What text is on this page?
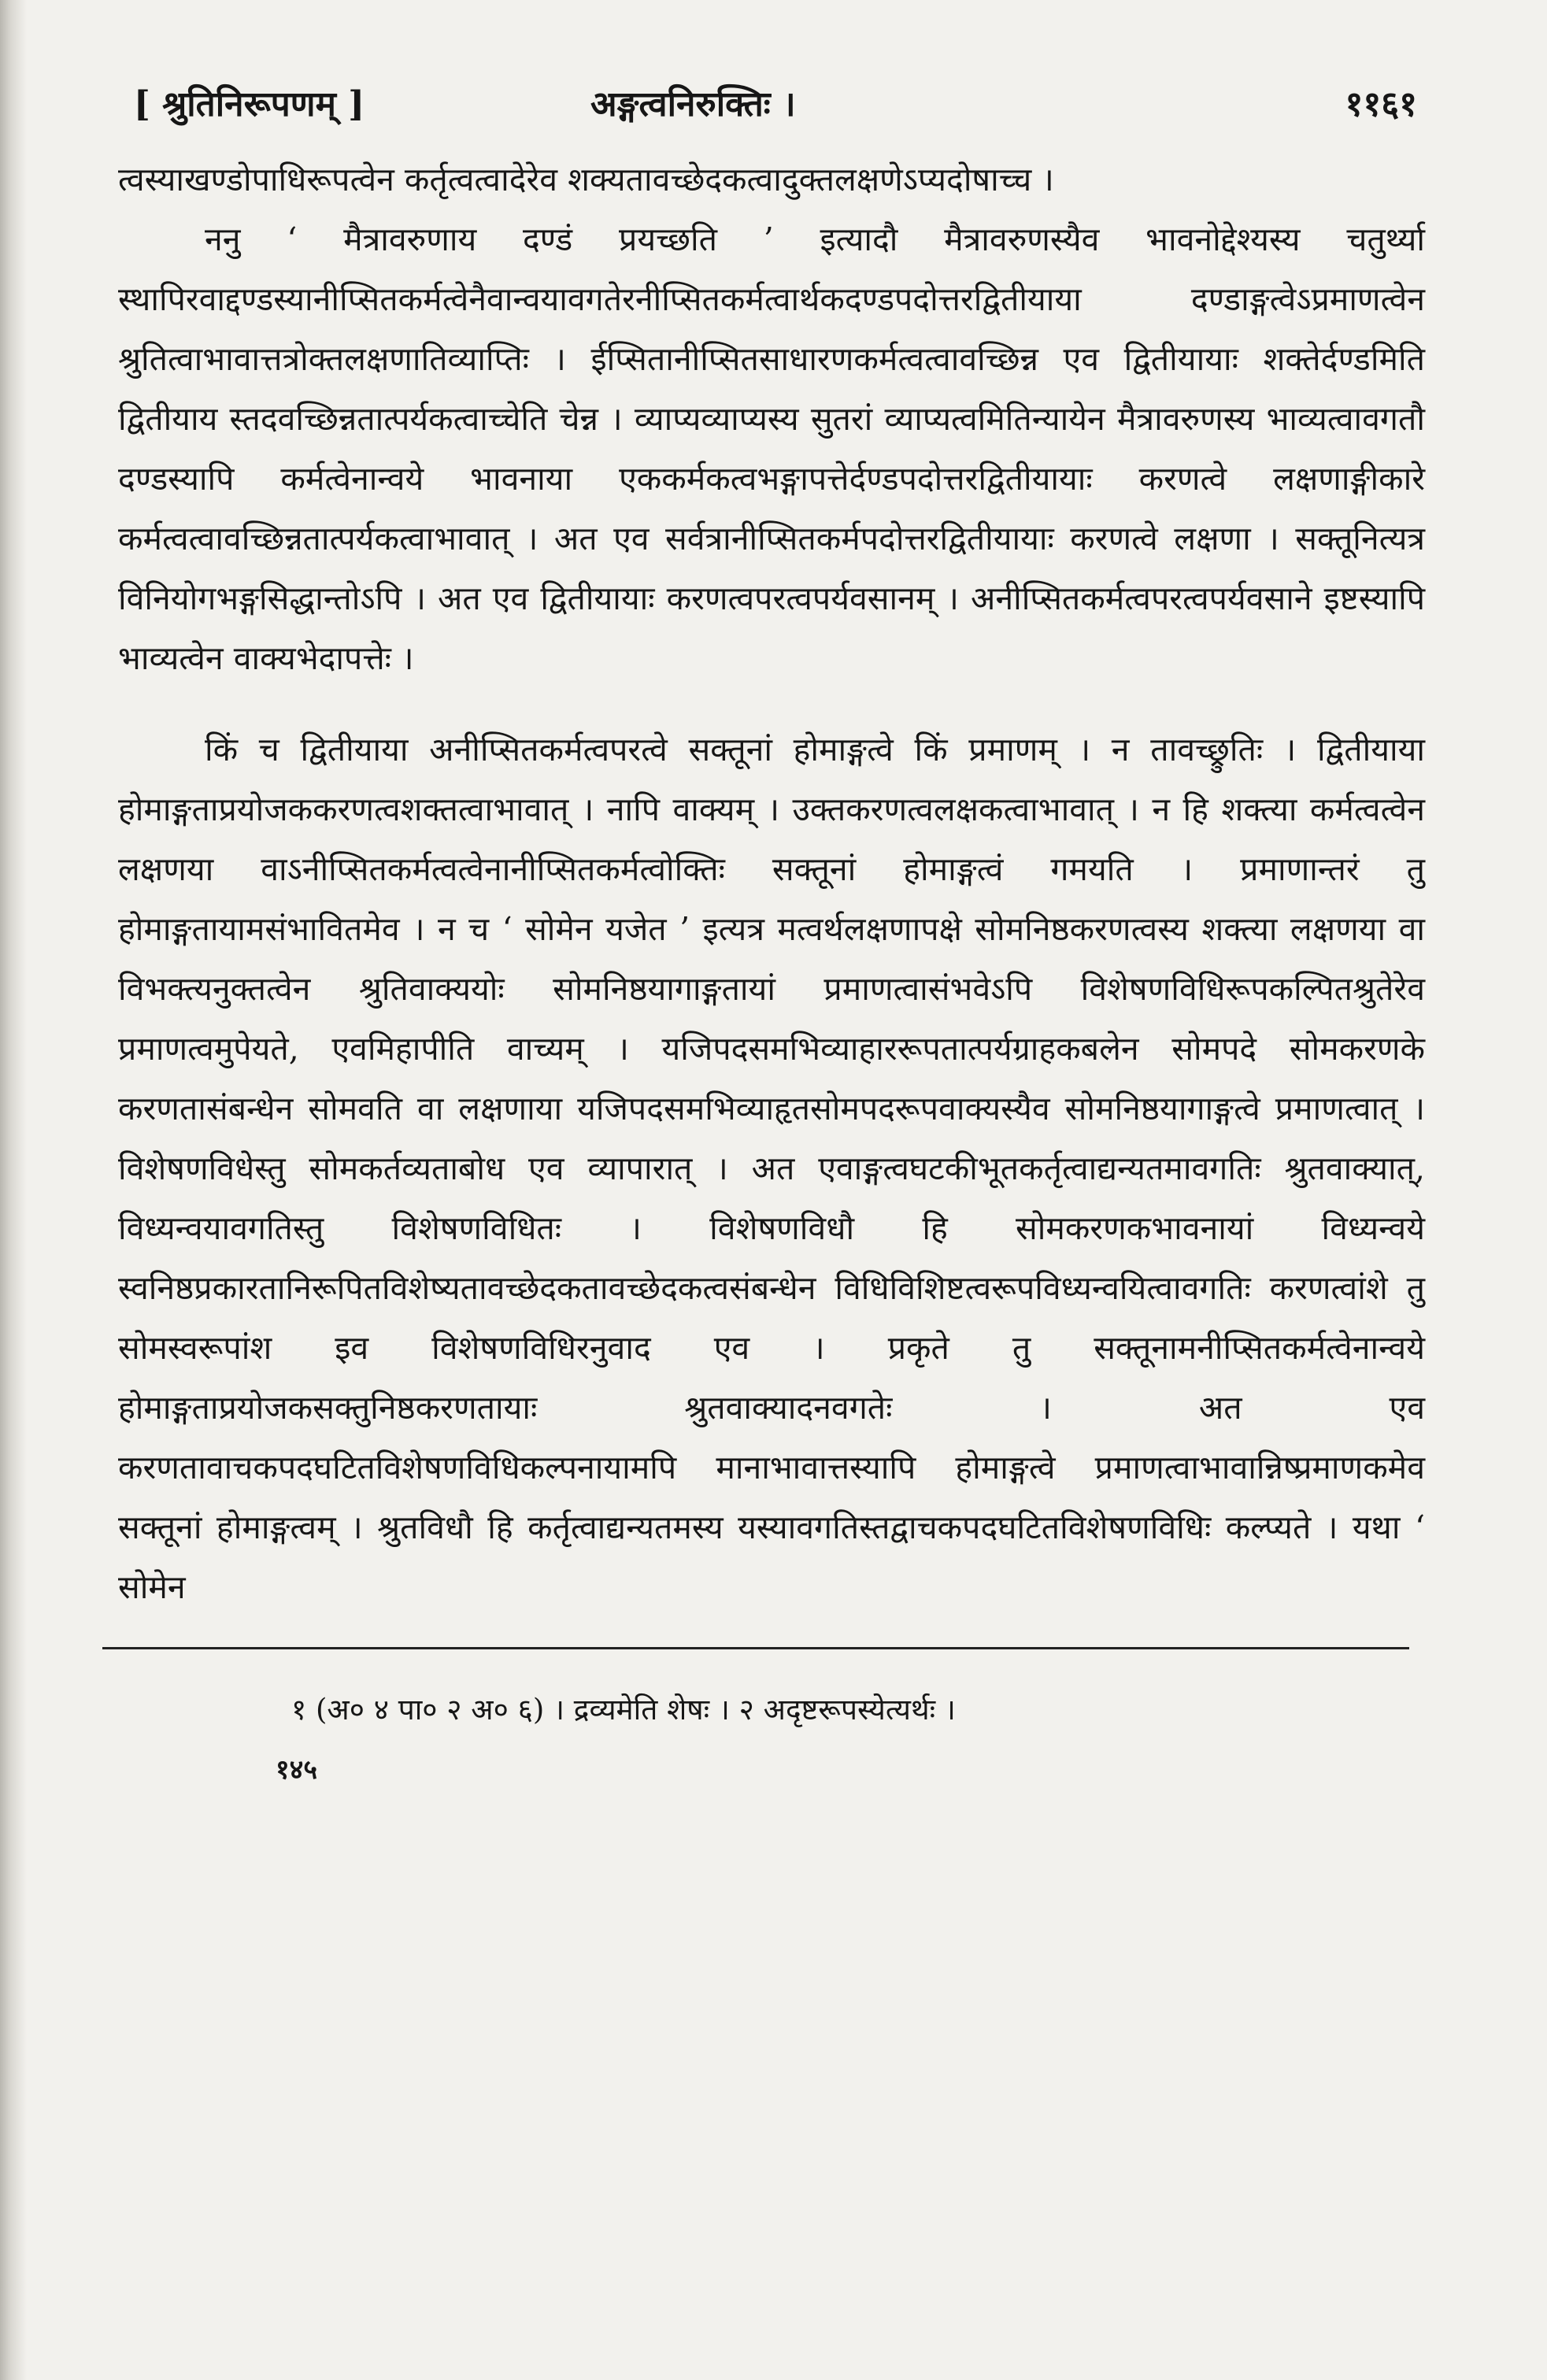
[ श्रुतिनिरूपणम् ]	अङ्गत्वनिरुक्तिः ।	११६१

त्वस्याखण्डोपाधिरूपत्वेन कर्तृत्वत्वादेरेव शक्यतावच्छेदकत्वादुक्तलक्षणेऽप्यदोषाच्च ।

ननु ‘ मैत्रावरुणाय दण्डं प्रयच्छति ’ इत्यादौ मैत्रावरुणस्यैव भावनोद्देश्यस्य चतुर्थ्या स्थापिरवाद्दण्डस्यानीप्सितकर्मत्वेनैवान्वयावगतेरनीप्सितकर्मत्वार्थकदण्डपदोत्तरद्वितीयाया दण्डाङ्गत्वेऽप्रमाणत्वेन श्रुतित्वाभावात्तत्रोक्तलक्षणातिव्याप्तिः । ईप्सितानीप्सितसाधारणकर्मत्वत्वावच्छिन्न एव द्वितीयायाः शक्तेर्दण्डमिति द्वितीयाय स्तदवच्छिन्नतात्पर्यकत्वाच्चेति चेन्न । व्याप्यव्याप्यस्य सुतरां व्याप्यत्वमितिन्यायेन मैत्रावरुणस्य भाव्यत्वावगतौ दण्डस्यापि कर्मत्वेनान्वये भावनाया एककर्मकत्वभङ्गापत्तेर्दण्डपदोत्तरद्वितीयायाः करणत्वे लक्षणाङ्गीकारे कर्मत्वत्वावच्छिन्नतात्पर्यकत्वाभावात् । अत एव सर्वत्रानीप्सितकर्मपदोत्तरद्वितीयायाः करणत्वे लक्षणा । सक्तूनित्यत्र विनियोगभङ्गसिद्धान्तोऽपि । अत एव द्वितीयायाः करणत्वपरत्वपर्यवसानम् । अनीप्सितकर्मत्वपरत्वपर्यवसाने इष्टस्यापि भाव्यत्वेन वाक्यभेदापत्तेः ।

किं च द्वितीयाया अनीप्सितकर्मत्वपरत्वे सक्तूनां होमाङ्गत्वे किं प्रमाणम् । न तावच्छ्रुतिः । द्वितीयाया होमाङ्गताप्रयोजककरणत्वशक्तत्वाभावात् । नापि वाक्यम् । उक्तकरणत्वलक्षकत्वाभावात् । न हि शक्त्या कर्मत्वत्वेन लक्षणया वाऽनीप्सितकर्मत्वत्वेनानीप्सितकर्मत्वोक्तिः सक्तूनां होमाङ्गत्वं गमयति । प्रमाणान्तरं तु होमाङ्गतायामसंभावितमेव । न च ‘ सोमेन यजेत ’ इत्यत्र मत्वर्थलक्षणापक्षे सोमनिष्ठकरणत्वस्य शक्त्या लक्षणया वा विभक्त्यनुक्तत्वेन श्रुतिवाक्ययोः सोमनिष्ठयागाङ्गतायां प्रमाणत्वासंभवेऽपि विशेषणविधिरूपकल्पितश्रुतेरेव प्रमाणत्वमुपेयते, एवमिहापीति वाच्यम् । यजिपदसमभिव्याहाररूपतात्पर्यग्राहकबलेन सोमपदे सोमकरणके करणतासंबन्धेन सोमवति वा लक्षणाया यजिपदसमभिव्याहृतसोमपदरूपवाक्यस्यैव सोमनिष्ठयागाङ्गत्वे प्रमाणत्वात् । विशेषणविधेस्तु सोमकर्तव्यताबोध एव व्यापारात् । अत एवाङ्गत्वघटकीभूतकर्तृत्वाद्यन्यतमावगतिः श्रुतवाक्यात्, विध्यन्वयावगतिस्तु विशेषणविधितः । विशेषणविधौ हि सोमकरणकभावनायां विध्यन्वये स्वनिष्ठप्रकारतानिरूपितविशेष्यतावच्छेदकतावच्छेदकत्वसंबन्धेन विधिविशिष्टत्वरूपविध्यन्वयित्वावगतिः करणत्वांशे तु सोमस्वरूपांश इव विशेषणविधिरनुवाद एव । प्रकृते तु सक्तूनामनीप्सितकर्मत्वेनान्वये होमाङ्गताप्रयोजकसक्तुनिष्ठकरणतायाः श्रुतवाक्यादनवगतेः । अत एव करणतावाचकपदघटितविशेषणविधिकल्पनायामपि मानाभावात्तस्यापि होमाङ्गत्वे प्रमाणत्वाभावान्निष्प्रमाणकमेव सक्तूनां होमाङ्गत्वम् । श्रुतविधौ हि कर्तृत्वाद्यन्यतमस्य यस्यावगतिस्तद्वाचकपदघटितविशेषणविधिः कल्प्यते । यथा ‘ सोमेन

१ (अ० ४ पा० २ अ० ६) । द्रव्यमेति शेषः । २ अदृष्टरूपस्येत्यर्थः ।
१४५
